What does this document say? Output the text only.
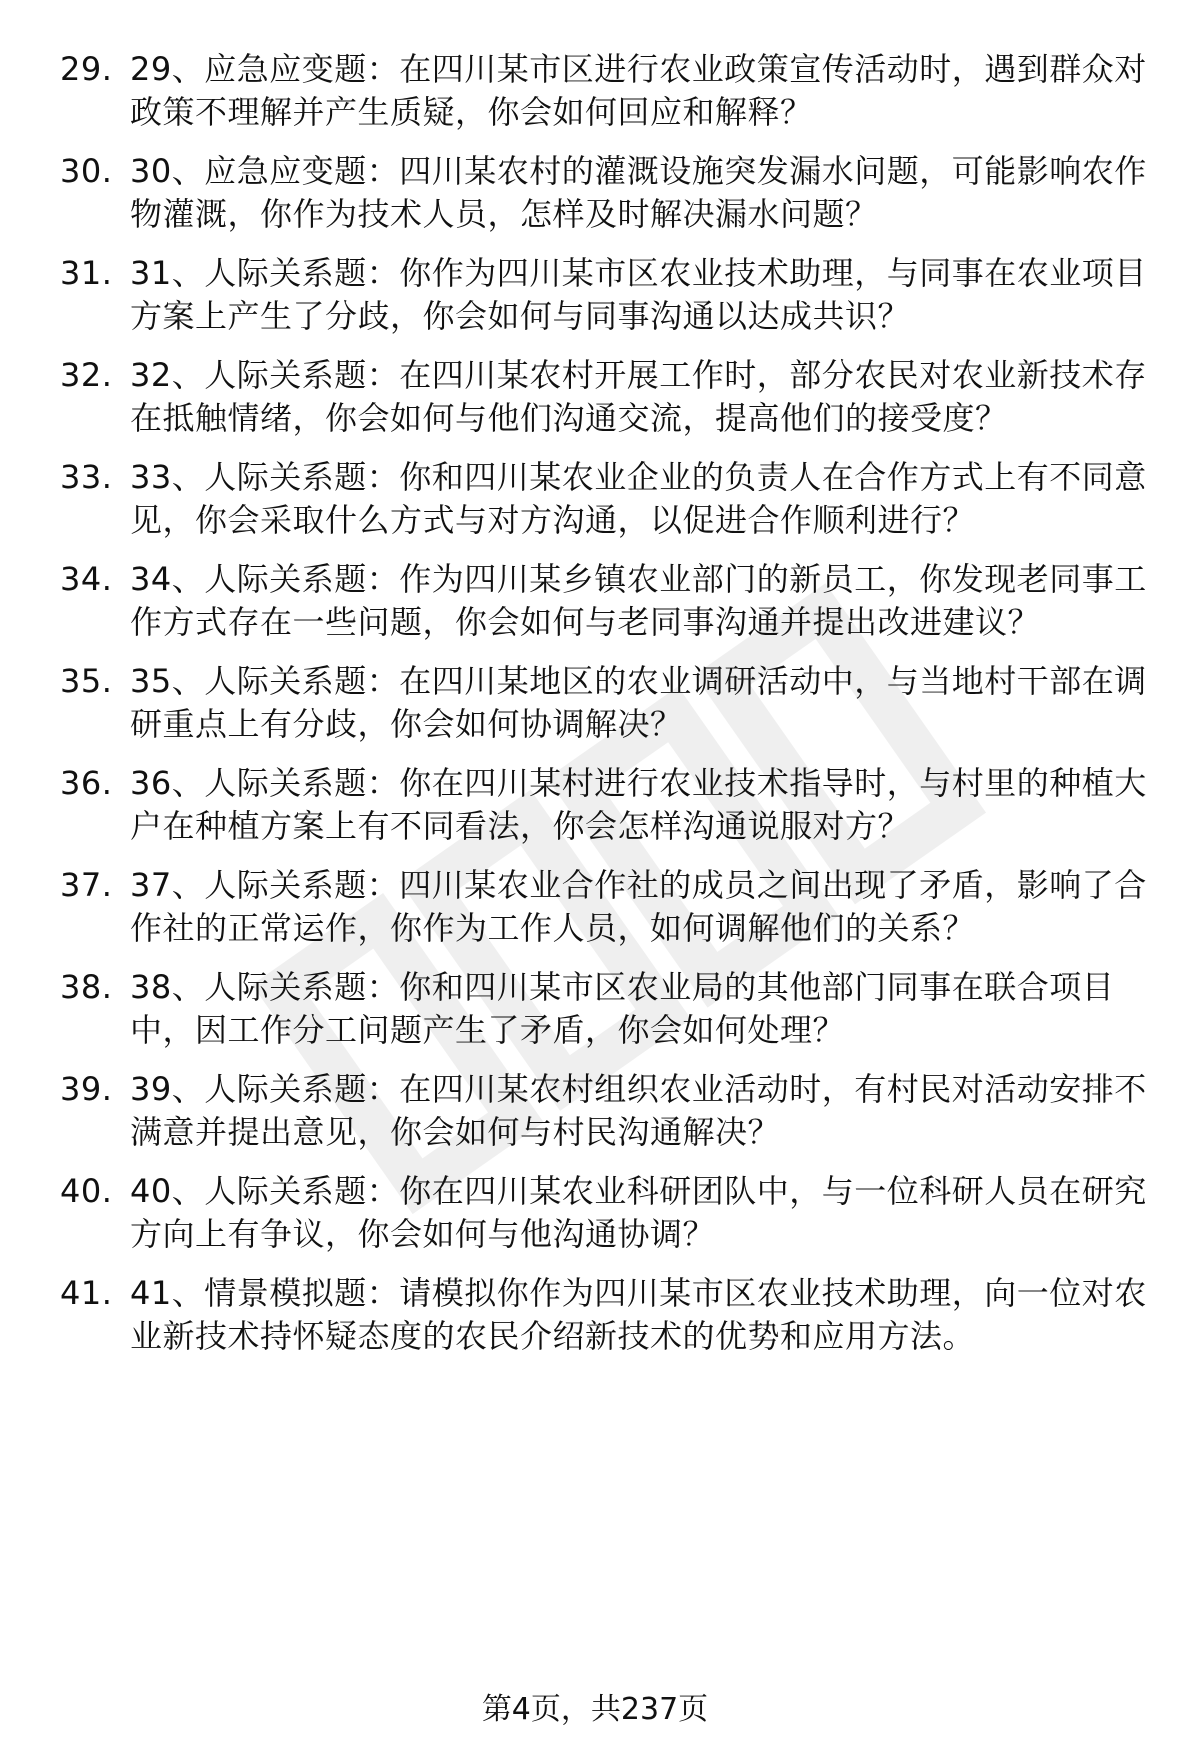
29. 29、应急应变题：在四川某市区进行农业政策宣传活动时，遇到群众对政策不理解并产生质疑，你会如何回应和解释？
30. 30、应急应变题：四川某农村的灌溉设施突发漏水问题，可能影响农作物灌溉，你作为技术人员，怎样及时解决漏水问题？
31. 31、人际关系题：你作为四川某市区农业技术助理，与同事在农业项目方案上产生了分歧，你会如何与同事沟通以达成共识？
32. 32、人际关系题：在四川某农村开展工作时，部分农民对农业新技术存在抵触情绪，你会如何与他们沟通交流，提高他们的接受度？
33. 33、人际关系题：你和四川某农业企业的负责人在合作方式上有不同意见，你会采取什么方式与对方沟通，以促进合作顺利进行？
34. 34、人际关系题：作为四川某乡镇农业部门的新员工，你发现老同事工作方式存在一些问题，你会如何与老同事沟通并提出改进建议？
35. 35、人际关系题：在四川某地区的农业调研活动中，与当地村干部在调研重点上有分歧，你会如何协调解决？
36. 36、人际关系题：你在四川某村进行农业技术指导时，与村里的种植大户在种植方案上有不同看法，你会怎样沟通说服对方？
37. 37、人际关系题：四川某农业合作社的成员之间出现了矛盾，影响了合作社的正常运作，你作为工作人员，如何调解他们的关系？
38. 38、人际关系题：你和四川某市区农业局的其他部门同事在联合项目中，因工作分工问题产生了矛盾，你会如何处理？
39. 39、人际关系题：在四川某农村组织农业活动时，有村民对活动安排不满意并提出意见，你会如何与村民沟通解决？
40. 40、人际关系题：你在四川某农业科研团队中，与一位科研人员在研究方向上有争议，你会如何与他沟通协调？
41. 41、情景模拟题：请模拟你作为四川某市区农业技术助理，向一位对农业新技术持怀疑态度的农民介绍新技术的优势和应用方法。
第4页，共237页
